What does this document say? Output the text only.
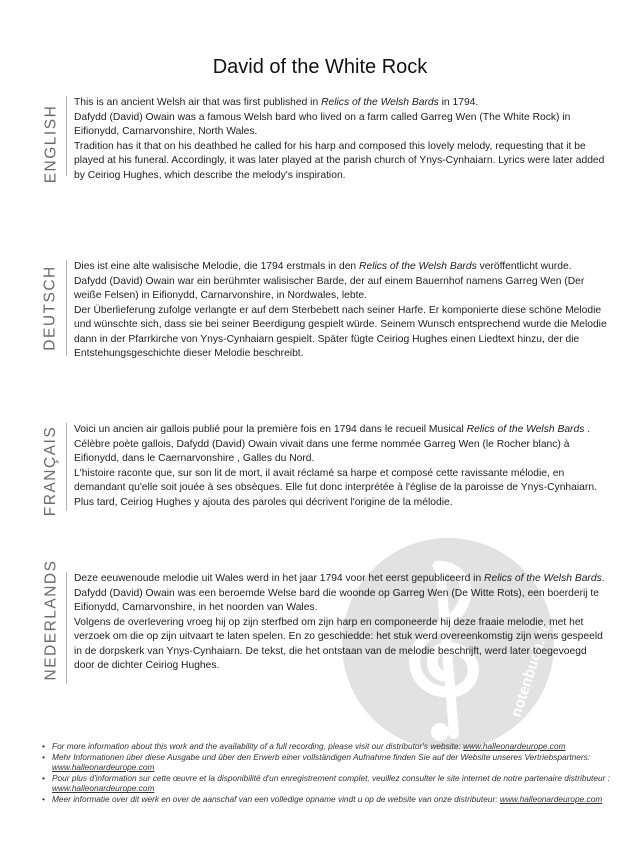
David of the White Rock
ENGLISH

This is an ancient Welsh air that was first published in Relics of the Welsh Bards in 1794.

Dafydd (David) Owain was a famous Welsh bard who lived on a farm called Garreg Wen (The White Rock) in Eifionydd, Carnarvonshire, North Wales.

Tradition has it that on his deathbed he called for his harp and composed this lovely melody, requesting that it be played at his funeral. Accordingly, it was later played at the parish church of Ynys-Cynhaiarn. Lyrics were later added by Ceiriog Hughes, which describe the melody's inspiration.

DEUTSCH Dies ist eine alte walisische Melodie, die 1794 erstmals in den Relics of the Welsh Bards veröffentlicht wurde.

Dafydd (David) Owain war ein berühmter walisischer Barde, der auf einem Bauernhof namens Garreg Wen (Der weiße Felsen) in Eifionydd, Carnarvonshire, in Nordwales, lebte.

Der Überlieferung zufolge verlangte er auf dem Sterbebett nach seiner Harfe. Er komponierte diese schöne Melodie und wünschte sich, dass sie bei seiner Beerdigung gespielt würde. Seinem Wunsch entsprechend wurde die Melodie dann in der Pfarrkirche von Ynys-Cynhaiarn gespielt. Später fügte Ceiriog Hughes einen Liedtext hinzu, der die Entstehungsgeschichte dieser Melodie beschreibt.

FRANÇAIS Voici un ancien air gallois publié pour la première fois en 1794 dans le recueil Musical Relics of the Welsh Bards .

Célèbre poète gallois, Dafydd (David) Owain vivait dans une ferme nommée Garreg Wen (le Rocher blanc) à Eifionydd, dans le Caernarvonshire , Galles du Nord.

L'histoire raconte que, sur son lit de mort, il avait réclamé sa harpe et composé cette ravissante mélodie, en demandant qu'elle soit jouée à ses obsèques. Elle fut donc interprétée à l'église de la paroisse de Ynys-Cynhaiarn. Plus tard, Ceiriog Hughes y ajouta des paroles qui décrivent l'origine de la mélodie.

notenbuch.de
NEDERLANDS Deze eeuwenoude melodie uit Wales werd in het jaar 1794 voor het eerst gepubliceerd in Relics of the Welsh Bards.

Dafydd (David) Owain was een beroemde Welse bard die woonde op Garreg Wen (De Witte Rots), een boerderij te Eifionydd, Carnarvonshire, in het noorden van Wales.

Volgens de overlevering vroeg hij op zijn sterfbed om zijn harp en componeerde hij deze fraaie melodie, met het verzoek om die op zijn uitvaart te laten spelen. En zo geschiedde: het stuk werd overeenkomstig zijn wens gespeeld in de dorpskerk van Ynys-Cynhaiarn. De tekst, die het ontstaan van de melodie beschrijft, werd later toegevoegd door de dichter Ceiriog Hughes.

• For more information about this work and the availability of a full recording, please visit our distributor's website: www.halleonardeurope.com

• Mehr Informationen über diese Ausgabe und über den Erwerb einer vollständigen Aufnahme finden Sie auf der Website unseres Vertriebspartners: www.halleonardeurope.com

• Pour plus d'information sur cette œuvre et la disponibilité d'un enregistrement complet, veuillez consulter le site internet de notre partenaire distributeur : www.halleonardeurope.com

• Meer informatie over dit werk en over de aanschaf van een volledige opname vindt u op de website van onze distributeur: www.halleonardeurope.com
